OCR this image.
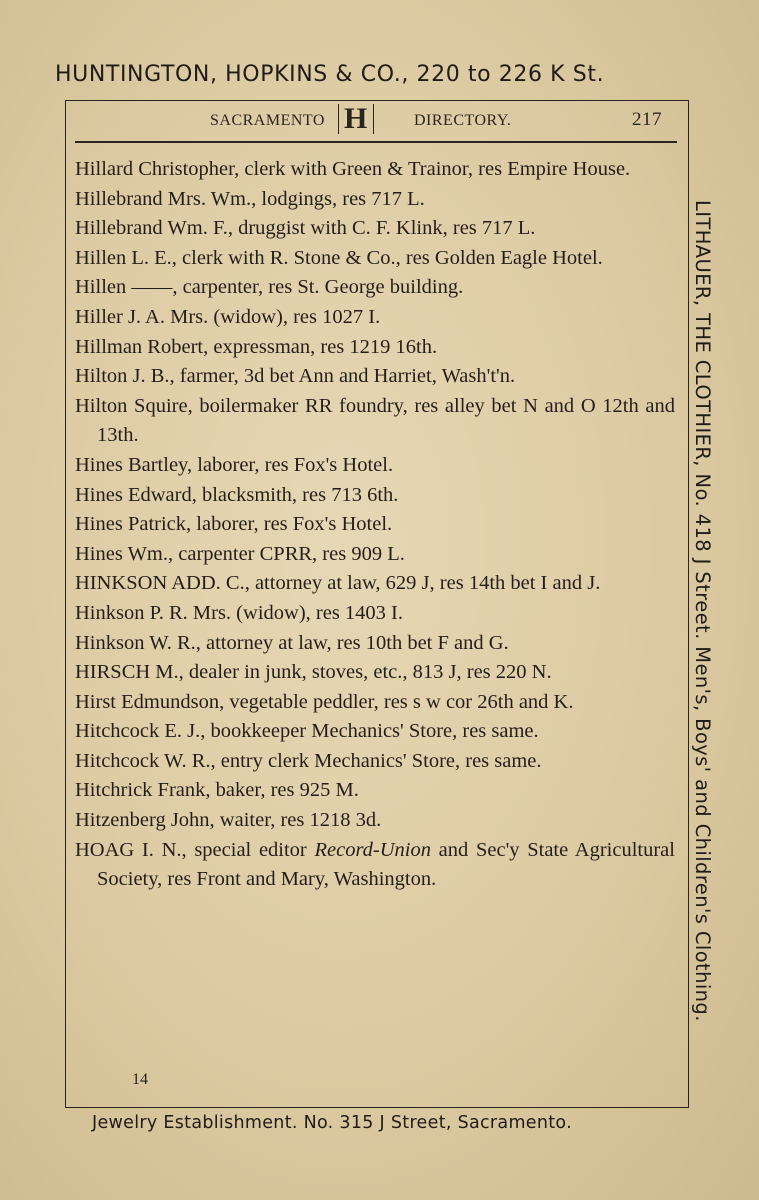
HUNTINGTON, HOPKINS & CO., 220 to 226 K St.
SACRAMENTO H	DIRECTORY.	217
Hillard Christopher, clerk with Green & Trainor, res Empire House.
Hillebrand Mrs. Wm., lodgings, res 717 L.
Hillebrand Wm. F., druggist with C. F. Klink, res 717 L.
Hillen L. E., clerk with R. Stone & Co., res Golden Eagle Hotel.
Hillen ——, carpenter, res St. George building.
Hiller J. A. Mrs. (widow), res 1027 I.
Hillman Robert, expressman, res 1219 16th.
Hilton J. B., farmer, 3d bet Ann and Harriet, Wash't'n.
Hilton Squire, boilermaker RR foundry, res alley bet N and O 12th and 13th.
Hines Bartley, laborer, res Fox's Hotel.
Hines Edward, blacksmith, res 713 6th.
Hines Patrick, laborer, res Fox's Hotel.
Hines Wm., carpenter CPRR, res 909 L.
HINKSON ADD. C., attorney at law, 629 J, res 14th bet I and J.
Hinkson P. R. Mrs. (widow), res 1403 I.
Hinkson W. R., attorney at law, res 10th bet F and G.
HIRSCH M., dealer in junk, stoves, etc., 813 J, res 220 N.
Hirst Edmundson, vegetable peddler, res s w cor 26th and K.
Hitchcock E. J., bookkeeper Mechanics' Store, res same.
Hitchcock W. R., entry clerk Mechanics' Store, res same.
Hitchrick Frank, baker, res 925 M.
Hitzenberg John, waiter, res 1218 3d.
HOAG I. N., special editor Record-Union and Sec'y State Agricultural Society, res Front and Mary, Washington.
14
Jewelry Establishment. No. 315 J Street, Sacramento.
LITHAUER, THE CLOTHIER, No. 418 J Street. Men's, Boys' and Children's Clothing.
